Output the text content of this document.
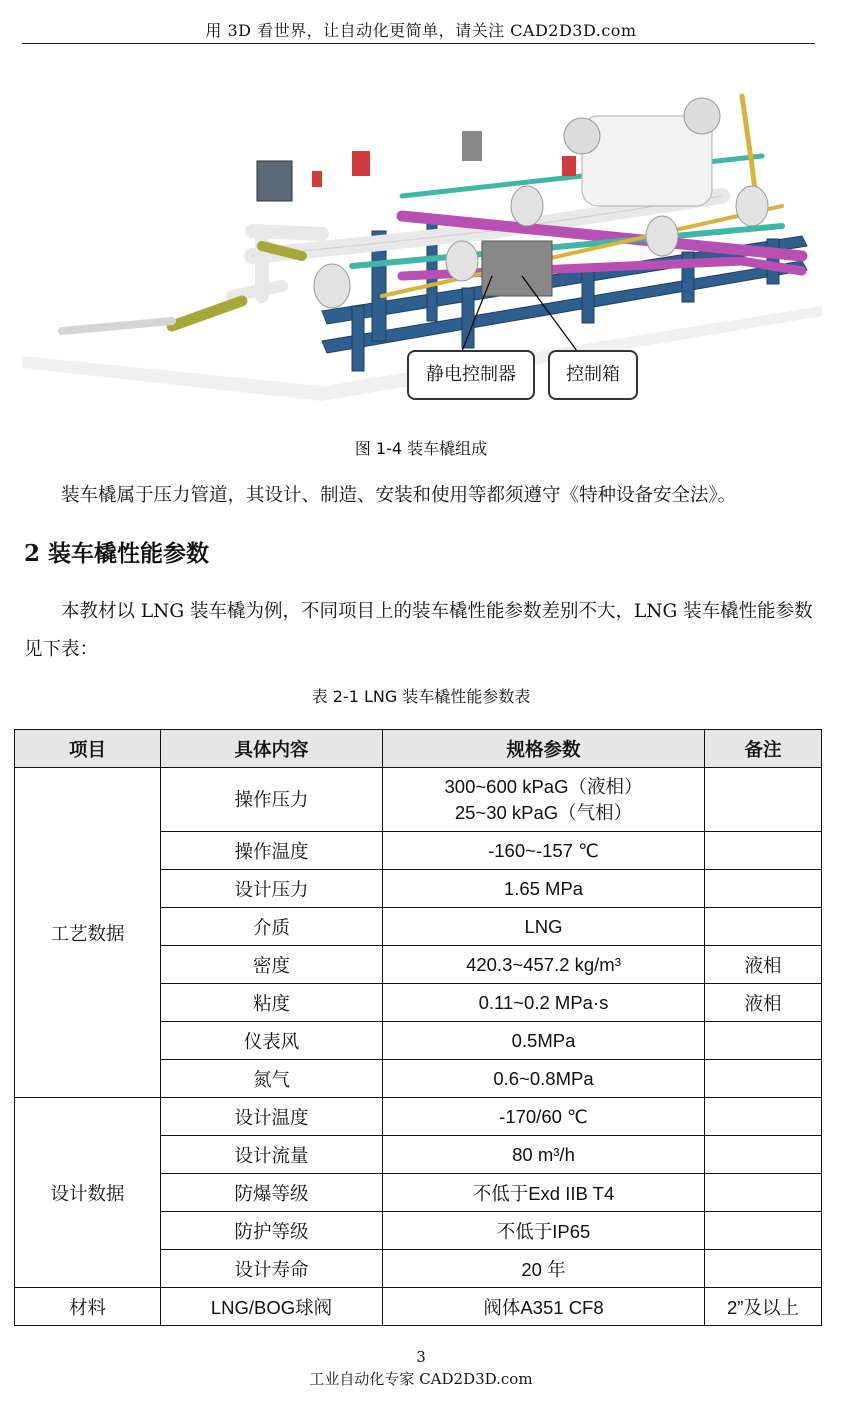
用 3D 看世界，让自动化更简单，请关注 CAD2D3D.com
静电控制器	控制箱
图 1-4 装车橇组成
装车橇属于压力管道，其设计、制造、安装和使用等都须遵守《特种设备安全法》。
2 装车橇性能参数
本教材以 LNG 装车橇为例，不同项目上的装车橇性能参数差别不大，LNG 装车橇性能参数见下表：
表 2-1 LNG 装车橇性能参数表
项目	具体内容	规格参数	备注
工艺数据	操作压力	300~600 kPaG（液相）
25~30 kPaG（气相）	

	操作温度	-160~-157 ℃	
	设计压力	1.65 MPa	
	介质	LNG	
	密度	420.3~457.2 kg/m³	液相
	粘度	0.11~0.2 MPa·s	液相
	仪表风	0.5MPa	
	氮气	0.6~0.8MPa	
设计数据	设计温度	-170/60 ℃	
	设计流量	80 m³/h	
	防爆等级	不低于Exd IIB T4	
	防护等级	不低于IP65	
	设计寿命	20 年	
材料	LNG/BOG球阀	阀体A351 CF8	2”及以上
3
工业自动化专家 CAD2D3D.com
